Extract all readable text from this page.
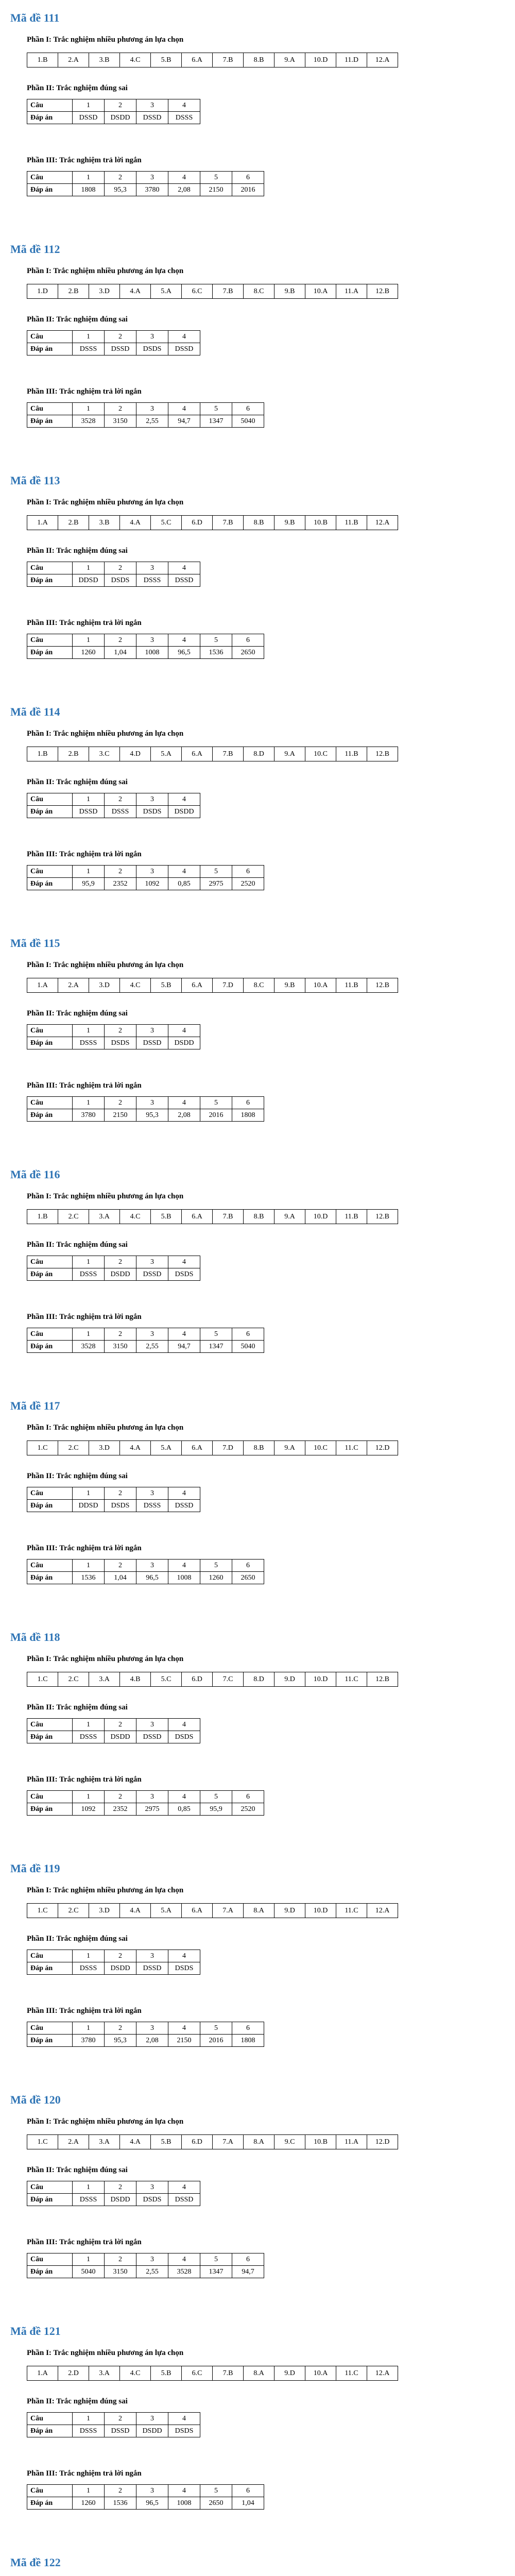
Mã đề 111
Phần I: Trắc nghiệm nhiều phương án lựa chọn
1.B	2.A	3.B	4.C	5.B	6.A	7.B	8.B	9.A	10.D	11.D	12.A
Phần II: Trắc nghiệm đúng sai
Câu	1	2	3	4
Đáp án	DSSD	DSDD	DSSD	DSSS
Phần III: Trắc nghiệm trả lời ngắn
Câu	1	2	3	4	5	6
Đáp án	1808	95,3	3780	2,08	2150	2016
Mã đề 112
Phần I: Trắc nghiệm nhiều phương án lựa chọn
1.D	2.B	3.D	4.A	5.A	6.C	7.B	8.C	9.B	10.A	11.A	12.B
Phần II: Trắc nghiệm đúng sai
Câu	1	2	3	4
Đáp án	DSSS	DSSD	DSDS	DSSD
Phần III: Trắc nghiệm trả lời ngắn
Câu	1	2	3	4	5	6
Đáp án	3528	3150	2,55	94,7	1347	5040
Mã đề 113
Phần I: Trắc nghiệm nhiều phương án lựa chọn
1.A	2.B	3.B	4.A	5.C	6.D	7.B	8.B	9.B	10.B	11.B	12.A
Phần II: Trắc nghiệm đúng sai
Câu	1	2	3	4
Đáp án	DDSD	DSDS	DSSS	DSSD
Phần III: Trắc nghiệm trả lời ngắn
Câu	1	2	3	4	5	6
Đáp án	1260	1,04	1008	96,5	1536	2650
Mã đề 114
Phần I: Trắc nghiệm nhiều phương án lựa chọn
1.B	2.B	3.C	4.D	5.A	6.A	7.B	8.D	9.A	10.C	11.B	12.B
Phần II: Trắc nghiệm đúng sai
Câu	1	2	3	4
Đáp án	DSSD	DSSS	DSDS	DSDD
Phần III: Trắc nghiệm trả lời ngắn
Câu	1	2	3	4	5	6
Đáp án	95,9	2352	1092	0,85	2975	2520
Mã đề 115
Phần I: Trắc nghiệm nhiều phương án lựa chọn
1.A	2.A	3.D	4.C	5.B	6.A	7.D	8.C	9.B	10.A	11.B	12.B
Phần II: Trắc nghiệm đúng sai
Câu	1	2	3	4
Đáp án	DSSS	DSDS	DSSD	DSDD
Phần III: Trắc nghiệm trả lời ngắn
Câu	1	2	3	4	5	6
Đáp án	3780	2150	95,3	2,08	2016	1808
Mã đề 116
Phần I: Trắc nghiệm nhiều phương án lựa chọn
1.B	2.C	3.A	4.C	5.B	6.A	7.B	8.B	9.A	10.D	11.B	12.B
Phần II: Trắc nghiệm đúng sai
Câu	1	2	3	4
Đáp án	DSSS	DSDD	DSSD	DSDS
Phần III: Trắc nghiệm trả lời ngắn
Câu	1	2	3	4	5	6
Đáp án	3528	3150	2,55	94,7	1347	5040
Mã đề 117
Phần I: Trắc nghiệm nhiều phương án lựa chọn
1.C	2.C	3.D	4.A	5.A	6.A	7.D	8.B	9.A	10.C	11.C	12.D
Phần II: Trắc nghiệm đúng sai
Câu	1	2	3	4
Đáp án	DDSD	DSDS	DSSS	DSSD
Phần III: Trắc nghiệm trả lời ngắn
Câu	1	2	3	4	5	6
Đáp án	1536	1,04	96,5	1008	1260	2650
Mã đề 118
Phần I: Trắc nghiệm nhiều phương án lựa chọn
1.C	2.C	3.A	4.B	5.C	6.D	7.C	8.D	9.D	10.D	11.C	12.B
Phần II: Trắc nghiệm đúng sai
Câu	1	2	3	4
Đáp án	DSSS	DSDD	DSSD	DSDS
Phần III: Trắc nghiệm trả lời ngắn
Câu	1	2	3	4	5	6
Đáp án	1092	2352	2975	0,85	95,9	2520
Mã đề 119
Phần I: Trắc nghiệm nhiều phương án lựa chọn
1.C	2.C	3.D	4.A	5.A	6.A	7.A	8.A	9.D	10.D	11.C	12.A
Phần II: Trắc nghiệm đúng sai
Câu	1	2	3	4
Đáp án	DSSS	DSDD	DSSD	DSDS
Phần III: Trắc nghiệm trả lời ngắn
Câu	1	2	3	4	5	6
Đáp án	3780	95,3	2,08	2150	2016	1808
Mã đề 120
Phần I: Trắc nghiệm nhiều phương án lựa chọn
1.C	2.A	3.A	4.A	5.B	6.D	7.A	8.A	9.C	10.B	11.A	12.D
Phần II: Trắc nghiệm đúng sai
Câu	1	2	3	4
Đáp án	DSSS	DSDD	DSDS	DSSD
Phần III: Trắc nghiệm trả lời ngắn
Câu	1	2	3	4	5	6
Đáp án	5040	3150	2,55	3528	1347	94,7
Mã đề 121
Phần I: Trắc nghiệm nhiều phương án lựa chọn
1.A	2.D	3.A	4.C	5.B	6.C	7.B	8.A	9.D	10.A	11.C	12.A
Phần II: Trắc nghiệm đúng sai
Câu	1	2	3	4
Đáp án	DSSS	DSSD	DSDD	DSDS
Phần III: Trắc nghiệm trả lời ngắn
Câu	1	2	3	4	5	6
Đáp án	1260	1536	96,5	1008	2650	1,04
Mã đề 122
